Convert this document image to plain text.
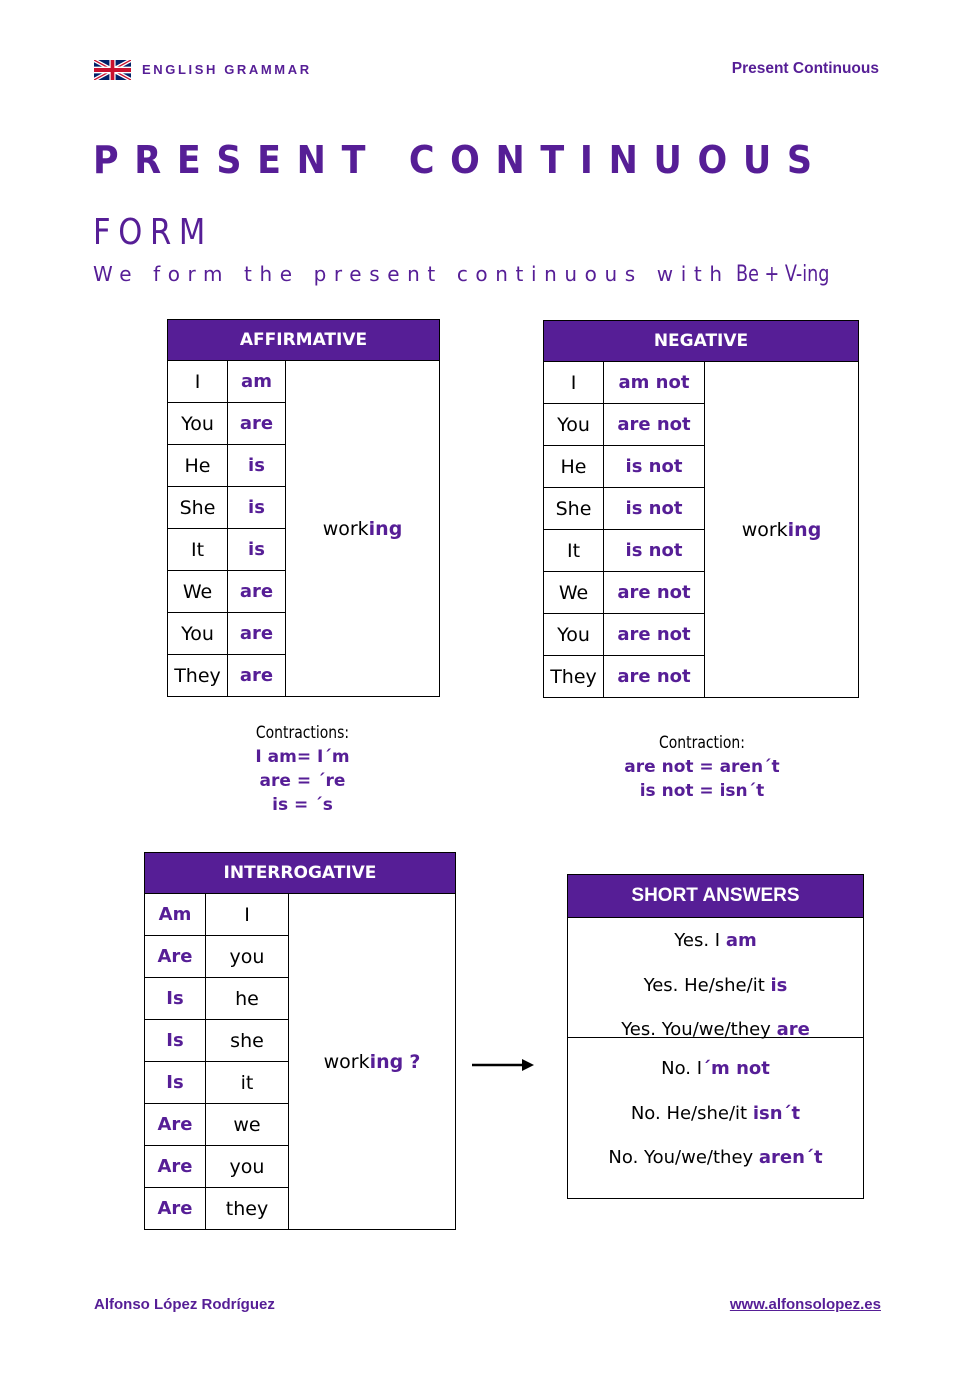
ENGLISH GRAMMAR	Present Continuous
PRESENT CONTINUOUS
FORM
We form the present continuous with Be + V-ing
AFFIRMATIVE		
I	am	working
You	are	
He	is	
She	is	
It	is	
We	are	
You	are	
They	are	
Contractions:
I am= I´m
are = ´re
is = ´s
NEGATIVE		
I	am not	working
You	are not	
He	is not	
She	is not	
It	is not	
We	are not	
You	are not	
They	are not	
Contraction:
are not = aren´t
is not = isn´t
INTERROGATIVE		
Am	I	working ?
Are	you	
Is	he	
Is	she	
Is	it	
Are	we	
Are	you	
Are	they	
SHORT ANSWERS
Yes. I am
Yes. He/she/it is
Yes. You/we/they are
No. I´m not
No. He/she/it isn´t
No. You/we/they aren´t
Alfonso López Rodríguez	www.alfonsolopez.es
